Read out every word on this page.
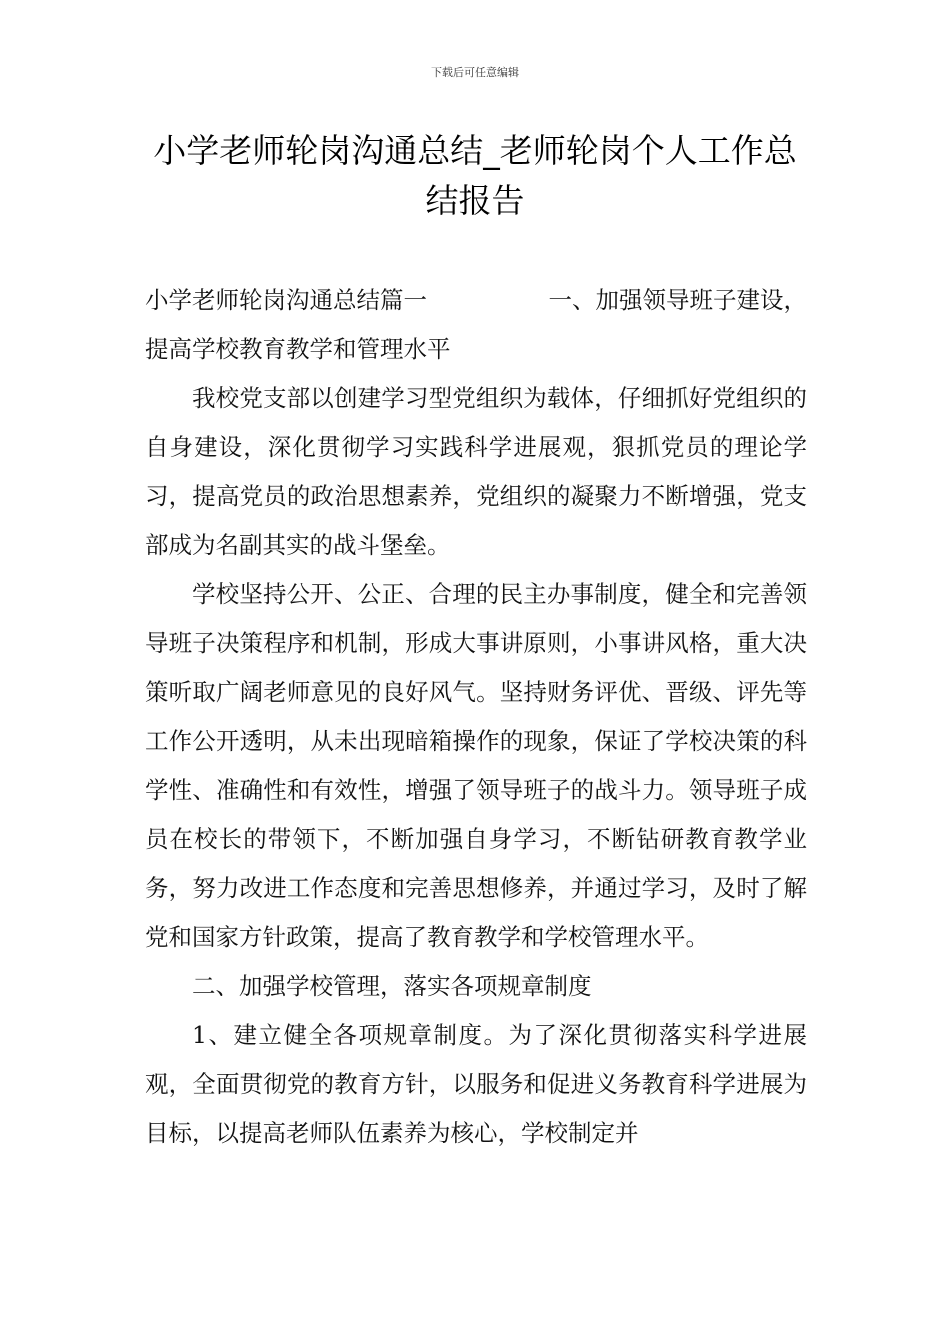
下载后可任意编辑
小学老师轮岗沟通总结_老师轮岗个人工作总结报告

小学老师轮岗沟通总结篇一	一、加强领导班子建设，

提高学校教育教学和管理水平

我校党支部以创建学习型党组织为载体，仔细抓好党组织的自身建设，深化贯彻学习实践科学进展观，狠抓党员的理论学习，提高党员的政治思想素养，党组织的凝聚力不断增强，党支部成为名副其实的战斗堡垒。

学校坚持公开、公正、合理的民主办事制度，健全和完善领导班子决策程序和机制，形成大事讲原则，小事讲风格，重大决策听取广阔老师意见的良好风气。坚持财务评优、晋级、评先等工作公开透明，从未出现暗箱操作的现象，保证了学校决策的科学性、准确性和有效性，增强了领导班子的战斗力。领导班子成员在校长的带领下，不断加强自身学习，不断钻研教育教学业务，努力改进工作态度和完善思想修养，并通过学习，及时了解党和国家方针政策，提高了教育教学和学校管理水平。

二、加强学校管理，落实各项规章制度

1、建立健全各项规章制度。为了深化贯彻落实科学进展观，全面贯彻党的教育方针，以服务和促进义务教育科学进展为目标，以提高老师队伍素养为核心，学校制定并
